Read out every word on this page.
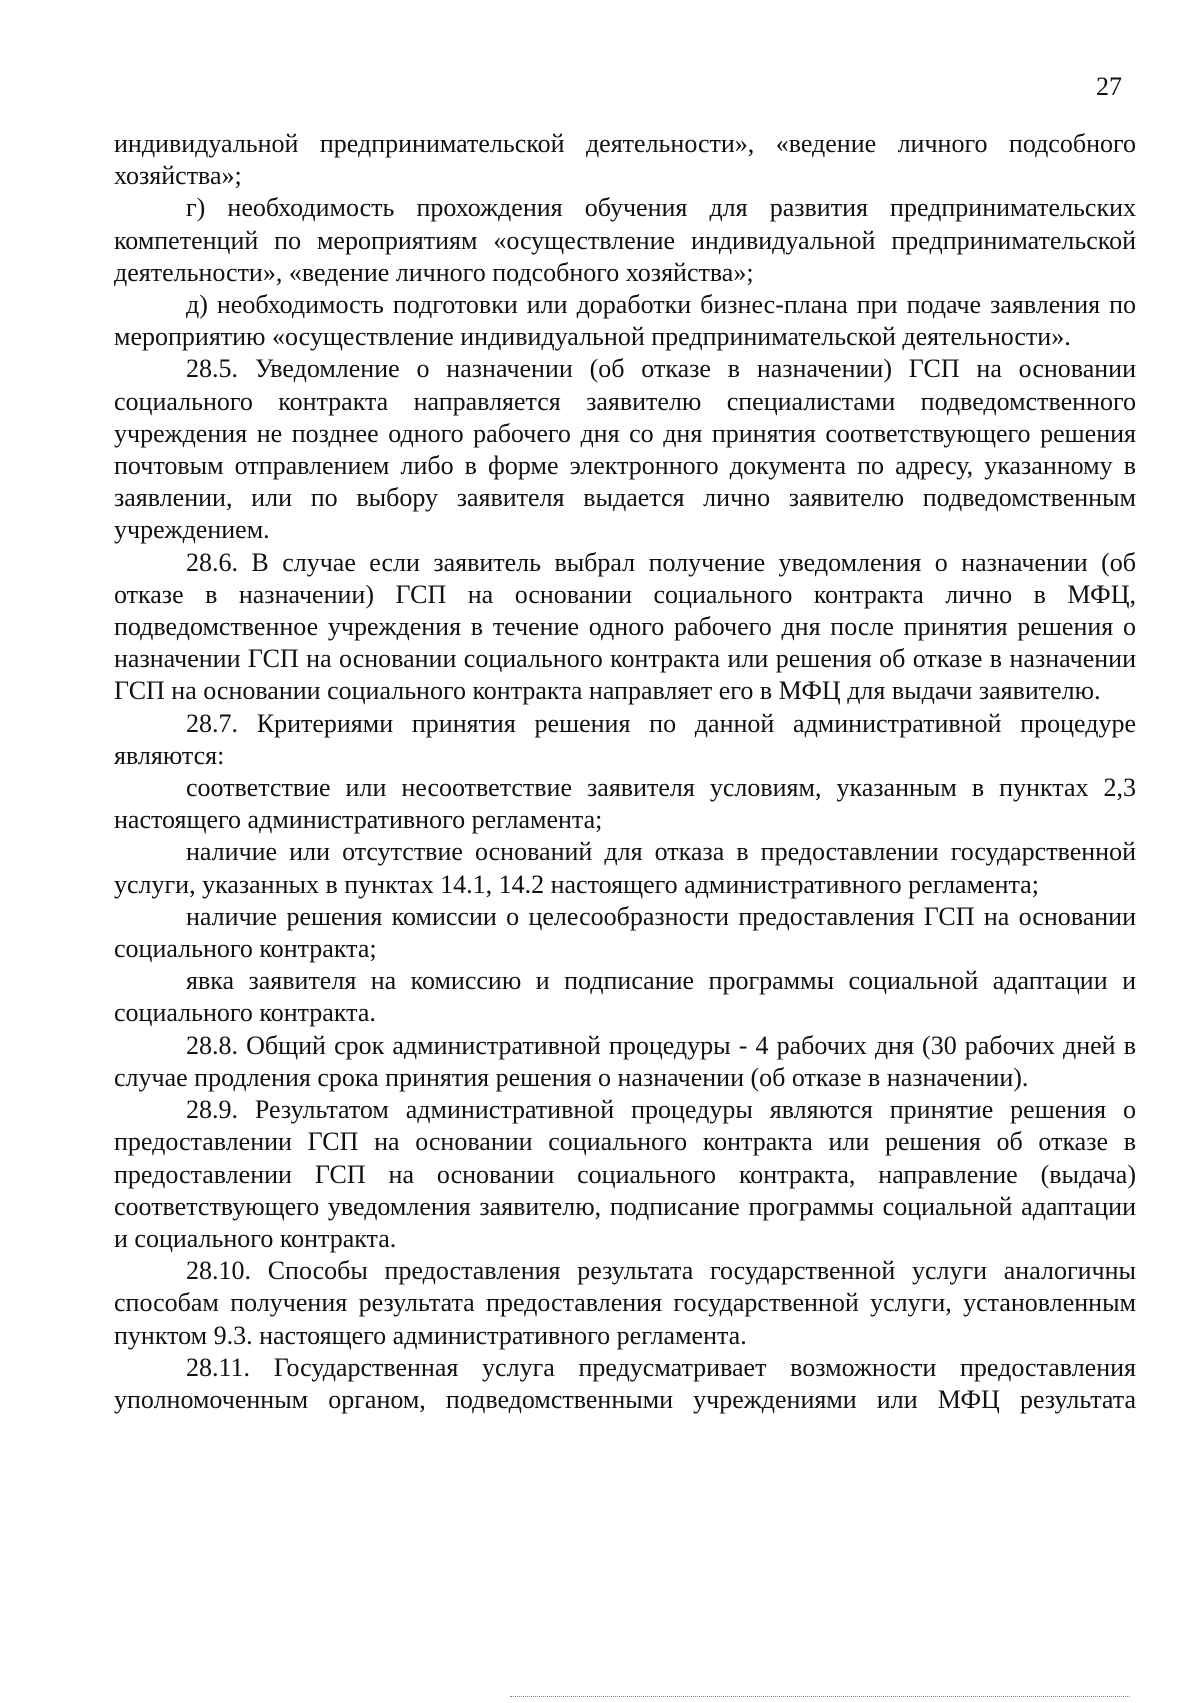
27

индивидуальной предпринимательской деятельности», «ведение личного подсобного хозяйства»;

г) необходимость прохождения обучения для развития предпринимательских компетенций по мероприятиям «осуществление индивидуальной предпринимательской деятельности», «ведение личного подсобного хозяйства»;

д) необходимость подготовки или доработки бизнес-плана при подаче заявления по мероприятию «осуществление индивидуальной предпринимательской деятельности».

28.5. Уведомление о назначении (об отказе в назначении) ГСП на основании социального контракта направляется заявителю специалистами подведомственного учреждения не позднее одного рабочего дня со дня принятия соответствующего решения почтовым отправлением либо в форме электронного документа по адресу, указанному в заявлении, или по выбору заявителя выдается лично заявителю подведомственным учреждением.

28.6. В случае если заявитель выбрал получение уведомления о назначении (об отказе в назначении) ГСП на основании социального контракта лично в МФЦ, подведомственное учреждения в течение одного рабочего дня после принятия решения о назначении ГСП на основании социального контракта или решения об отказе в назначении ГСП на основании социального контракта направляет его в МФЦ для выдачи заявителю.

28.7. Критериями принятия решения по данной административной процедуре являются:

соответствие или несоответствие заявителя условиям, указанным в пунктах 2,3 настоящего административного регламента;

наличие или отсутствие оснований для отказа в предоставлении государственной услуги, указанных в пунктах 14.1, 14.2 настоящего административного регламента;

наличие решения комиссии о целесообразности предоставления ГСП на основании социального контракта;

явка заявителя на комиссию и подписание программы социальной адаптации и социального контракта.

28.8. Общий срок административной процедуры - 4 рабочих дня (30 рабочих дней в случае продления срока принятия решения о назначении (об отказе в назначении).

28.9. Результатом административной процедуры являются принятие решения о предоставлении ГСП на основании социального контракта или решения об отказе в предоставлении ГСП на основании социального контракта, направление (выдача) соответствующего уведомления заявителю, подписание программы социальной адаптации и социального контракта.

28.10. Способы предоставления результата государственной услуги аналогичны способам получения результата предоставления государственной услуги, установленным пунктом 9.3. настоящего административного регламента.

28.11. Государственная услуга предусматривает возможности предоставления уполномоченным органом, подведомственными учреждениями или МФЦ результата
